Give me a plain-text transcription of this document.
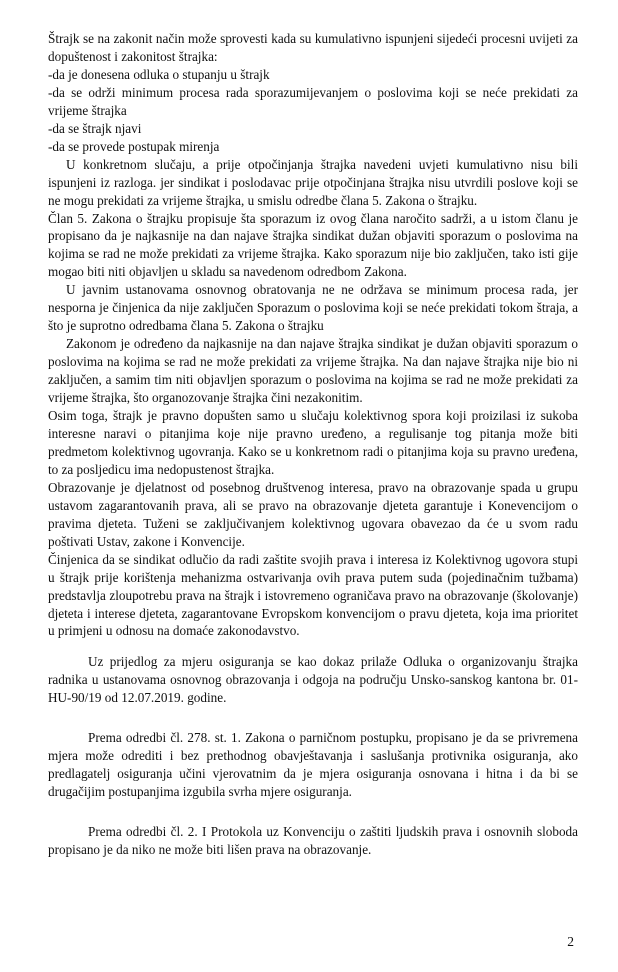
Štrajk se na zakonit način može sprovesti kada su kumulativno ispunjeni sijedeći procesni uvijeti za dopuštenost i zakonitost štrajka:

-da je donesena odluka o stupanju u štrajk

-da se održi minimum procesa rada sporazumijevanjem o poslovima koji se neće prekidati za vrijeme štrajka

-da se štrajk njavi

-da se provede postupak mirenja

U konkretnom slučaju, a prije otpočinjanja štrajka navedeni uvjeti kumulativno nisu bili ispunjeni iz razloga. jer sindikat i poslodavac prije otpočinjana štrajka nisu utvrdili poslove koji se ne mogu prekidati za vrijeme štrajka, u smislu odredbe člana 5. Zakona o štrajku.

Član 5. Zakona o štrajku propisuje šta sporazum iz ovog člana naročito sadrži, a u istom članu je propisano da je najkasnije na dan najave štrajka sindikat dužan objaviti sporazum o poslovima na kojima se rad ne može prekidati za vrijeme štrajka. Kako sporazum nije bio zaključen, tako isti gije mogao biti niti objavljen u skladu sa navedenom odredbom Zakona.

U javnim ustanovama osnovnog obratovanja ne ne održava se minimum procesa rada, jer nesporna je činjenica da nije zaključen Sporazum o poslovima koji se neće prekidati tokom štraja, a što je suprotno odredbama člana 5. Zakona o štrajku

Zakonom je određeno da najkasnije na dan najave štrajka sindikat je dužan objaviti sporazum o poslovima na kojima se rad ne može prekidati za vrijeme štrajka. Na dan najave štrajka nije bio ni zaključen, a samim tim niti objavljen sporazum o poslovima na kojima se rad ne može prekidati za vrijeme štrajka, što organozovanje štrajka čini nezakonitim.

Osim toga, štrajk je pravno dopušten samo u slučaju kolektivnog spora koji proizilasi iz sukoba interesne naravi o pitanjima koje nije pravno uređeno, a regulisanje tog pitanja može biti predmetom kolektivnog ugovranja. Kako se u konkretnom radi o pitanjima koja su pravno uređena, to za posljedicu ima nedopustenost štrajka.

Obrazovanje je djelatnost od posebnog društvenog interesa, pravo na obrazovanje spada u grupu ustavom zagarantovanih prava, ali se pravo na obrazovanje djeteta garantuje i Konevencijom o pravima djeteta. Tuženi se zaključivanjem kolektivnog ugovara obavezao da će u svom radu poštivati Ustav, zakone i Konvencije.

Činjenica da se sindikat odlučio da radi zaštite svojih prava i interesa iz Kolektivnog ugovora stupi u štrajk prije korištenja mehanizma ostvarivanja ovih prava putem suda (pojedinačnim tužbama) predstavlja zloupotrebu prava na štrajk i istovremeno ograničava pravo na obrazovanje (školovanje) djeteta i interese djeteta, zagarantovane Evropskom konvencijom o pravu djeteta, koja ima prioritet u primjeni u odnosu na domaće zakonodavstvo.

Uz prijedlog za mjeru osiguranja se kao dokaz prilaže Odluka o organizovanju štrajka radnika u ustanovama osnovnog obrazovanja i odgoja na području Unsko-sanskog kantona br. 01-HU-90/19 od 12.07.2019. godine.

Prema odredbi čl. 278. st. 1. Zakona o parničnom postupku, propisano je da se privremena mjera može odrediti i bez prethodnog obavještavanja i saslušanja protivnika osiguranja, ako predlagatelj osiguranja učini vjerovatnim da je mjera osiguranja osnovana i hitna i da bi se drugačijim postupanjima izgubila svrha mjere osiguranja.

Prema odredbi čl. 2. I Protokola uz Konvenciju o zaštiti ljudskih prava i osnovnih sloboda propisano je da niko ne može biti lišen prava na obrazovanje.

2
